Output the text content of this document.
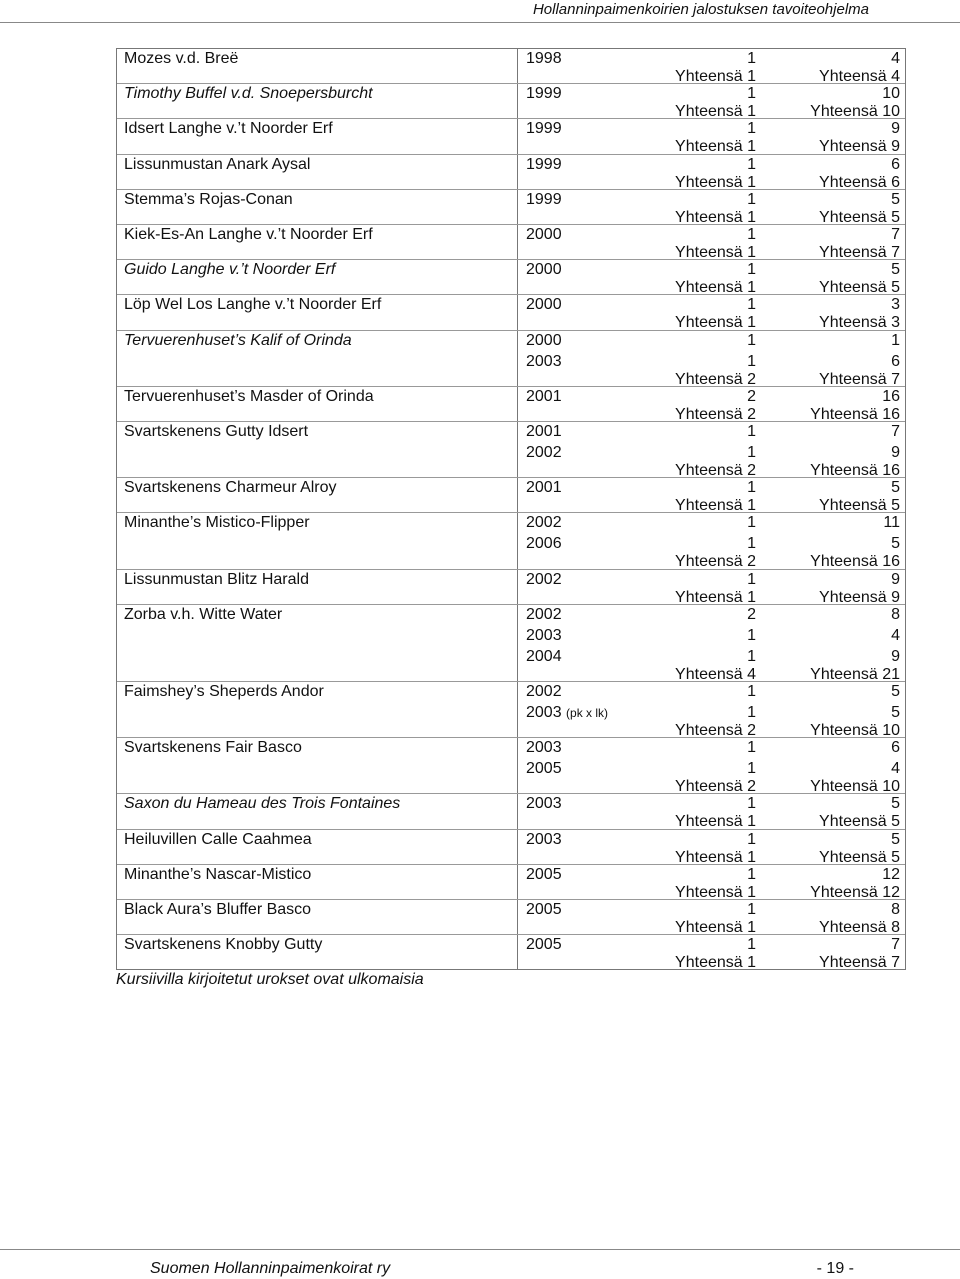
Hollanninpaimenkoirien jalostuksen tavoiteohjelma
Mozes v.d. Breë	1998	1	4
Yhteensä 1	Yhteensä 4
Timothy Buffel v.d. Snoepersburcht	1999	1	10
Yhteensä 1	Yhteensä 10
Idsert Langhe v.’t Noorder Erf	1999	1	9
Yhteensä 1	Yhteensä 9
Lissunmustan Anark Aysal	1999	1	6
Yhteensä 1	Yhteensä 6
Stemma’s Rojas-Conan	1999	1	5
Yhteensä 1	Yhteensä 5
Kiek-Es-An Langhe v.’t Noorder Erf	2000	1	7
Yhteensä 1	Yhteensä 7
Guido Langhe v.’t Noorder Erf	2000	1	5
Yhteensä 1	Yhteensä 5
Löp Wel Los Langhe v.’t Noorder Erf	2000	1	3
Yhteensä 1	Yhteensä 3
Tervuerenhuset’s Kalif of Orinda	2000	1	1
2003	1	6
Yhteensä 2	Yhteensä 7
Tervuerenhuset’s Masder of Orinda	2001	2	16
Yhteensä 2	Yhteensä 16
Svartskenens Gutty Idsert	2001	1	7
2002	1	9
Yhteensä 2	Yhteensä 16
Svartskenens Charmeur Alroy	2001	1	5
Yhteensä 1	Yhteensä 5
Minanthe’s Mistico-Flipper	2002	1	11
2006	1	5
Yhteensä 2	Yhteensä 16
Lissunmustan Blitz Harald	2002	1	9
Yhteensä 1	Yhteensä 9
Zorba v.h. Witte Water	2002	2	8
2003	1	4
2004	1	9
Yhteensä 4	Yhteensä 21
Faimshey’s Sheperds Andor	2002	1	5
2003 (pk x lk)	1	5
Yhteensä 2	Yhteensä 10
Svartskenens Fair Basco	2003	1	6
2005	1	4
Yhteensä 2	Yhteensä 10
Saxon du Hameau des Trois Fontaines	2003	1	5
Yhteensä 1	Yhteensä 5
Heiluvillen Calle Caahmea	2003	1	5
Yhteensä 1	Yhteensä 5
Minanthe’s Nascar-Mistico	2005	1	12
Yhteensä 1	Yhteensä 12
Black Aura’s Bluffer Basco	2005	1	8
Yhteensä 1	Yhteensä 8
Svartskenens Knobby Gutty	2005	1	7
Yhteensä 1	Yhteensä 7
Kursiivilla kirjoitetut urokset ovat ulkomaisia
Suomen Hollanninpaimenkoirat ry	- 19 -
